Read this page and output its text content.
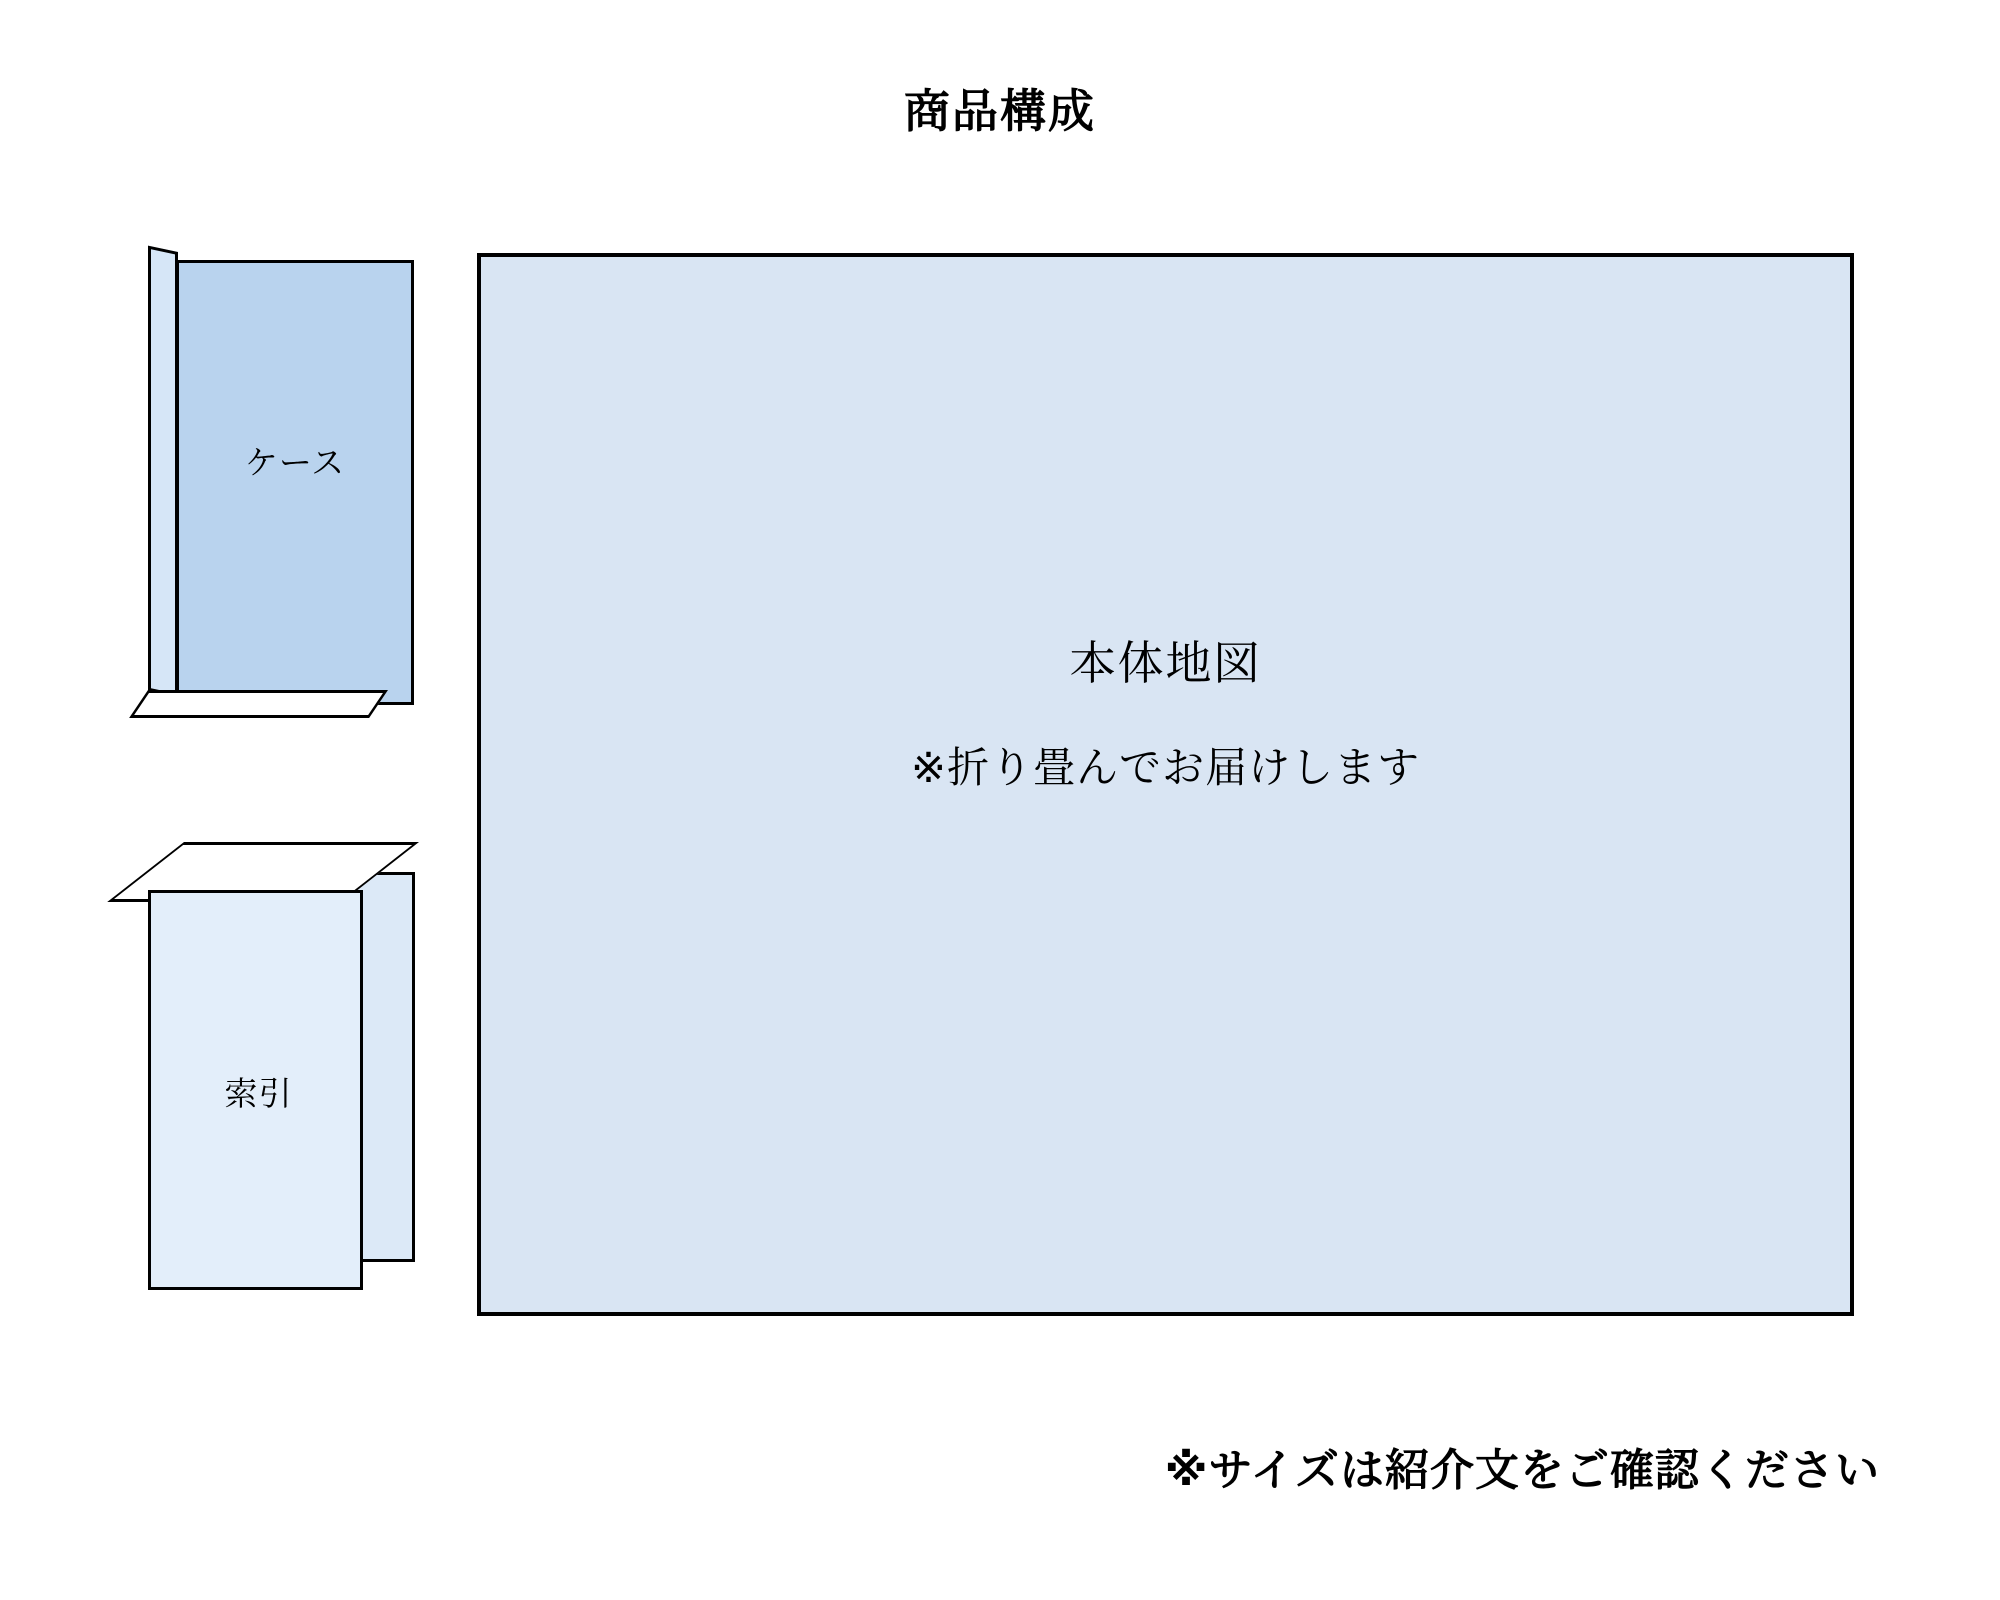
商品構成
ケース
索引
本体地図
※折り畳んでお届けします
※サイズは紹介文をご確認ください
